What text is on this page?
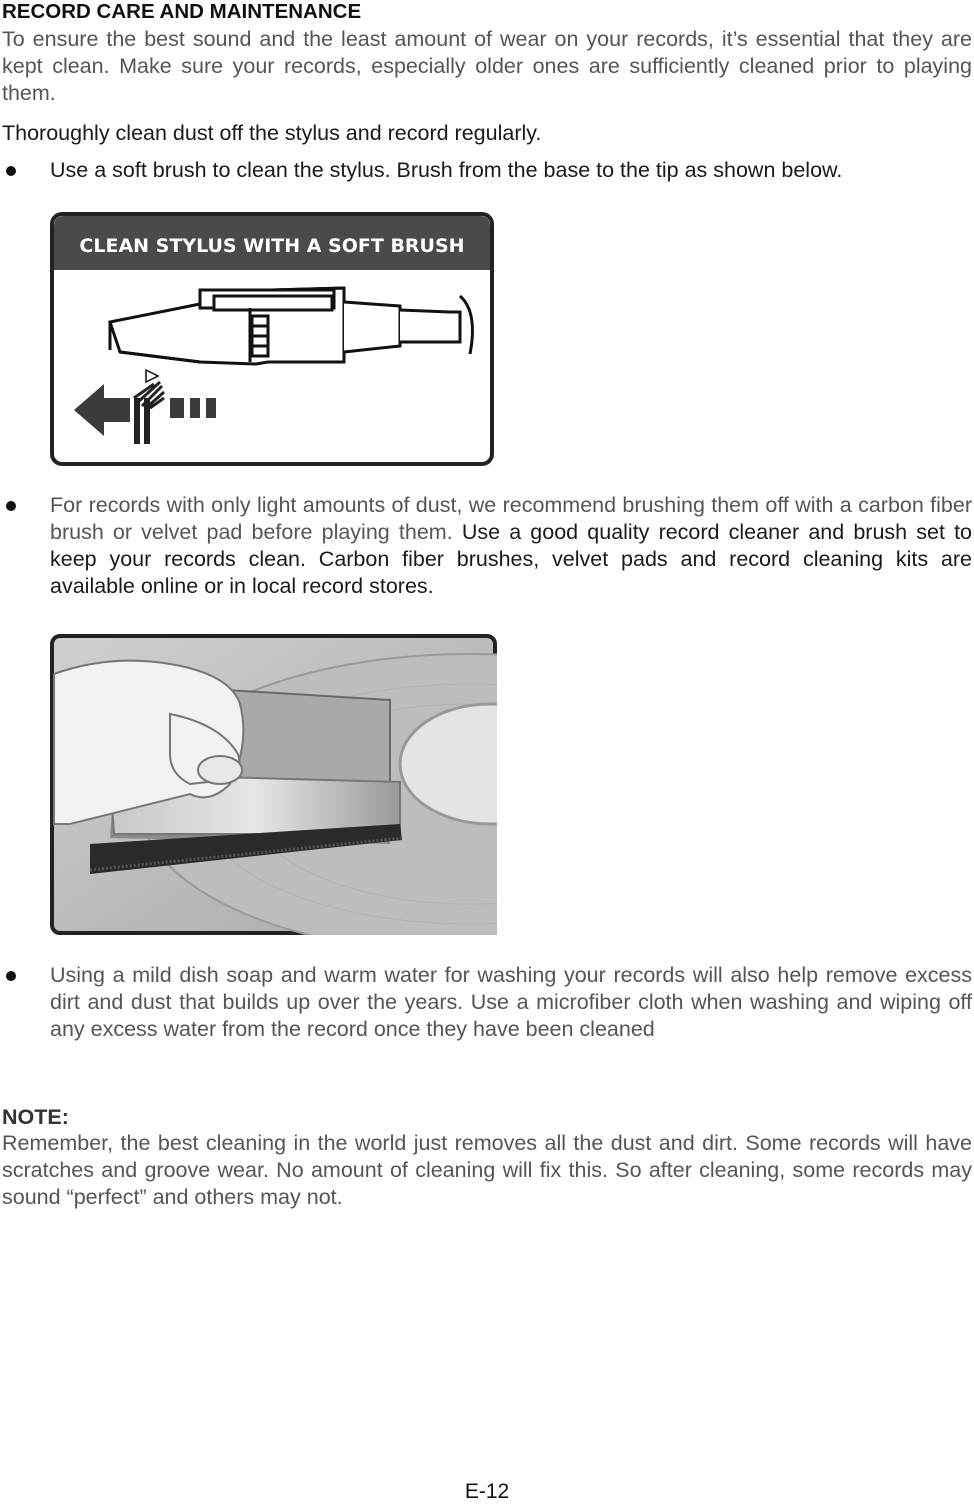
RECORD CARE AND MAINTENANCE

To ensure the best sound and the least amount of wear on your records, it’s essential that they are kept clean. Make sure your records, especially older ones are sufficiently cleaned prior to playing them.

Thoroughly clean dust off the stylus and record regularly.

Use a soft brush to clean the stylus. Brush from the base to the tip as shown below.
CLEAN STYLUS WITH A SOFT BRUSH
For records with only light amounts of dust, we recommend brushing them off with a carbon fiber brush or velvet pad before playing them. Use a good quality record cleaner and brush set to keep your records clean. Carbon fiber brushes, velvet pads and record cleaning kits are available online or in local record stores.
Using a mild dish soap and warm water for washing your records will also help remove excess dirt and dust that builds up over the years. Use a microfiber cloth when washing and wiping off any excess water from the record once they have been cleaned
NOTE:

Remember, the best cleaning in the world just removes all the dust and dirt. Some records will have scratches and groove wear. No amount of cleaning will fix this. So after cleaning, some records may sound “perfect” and others may not.

E-12
